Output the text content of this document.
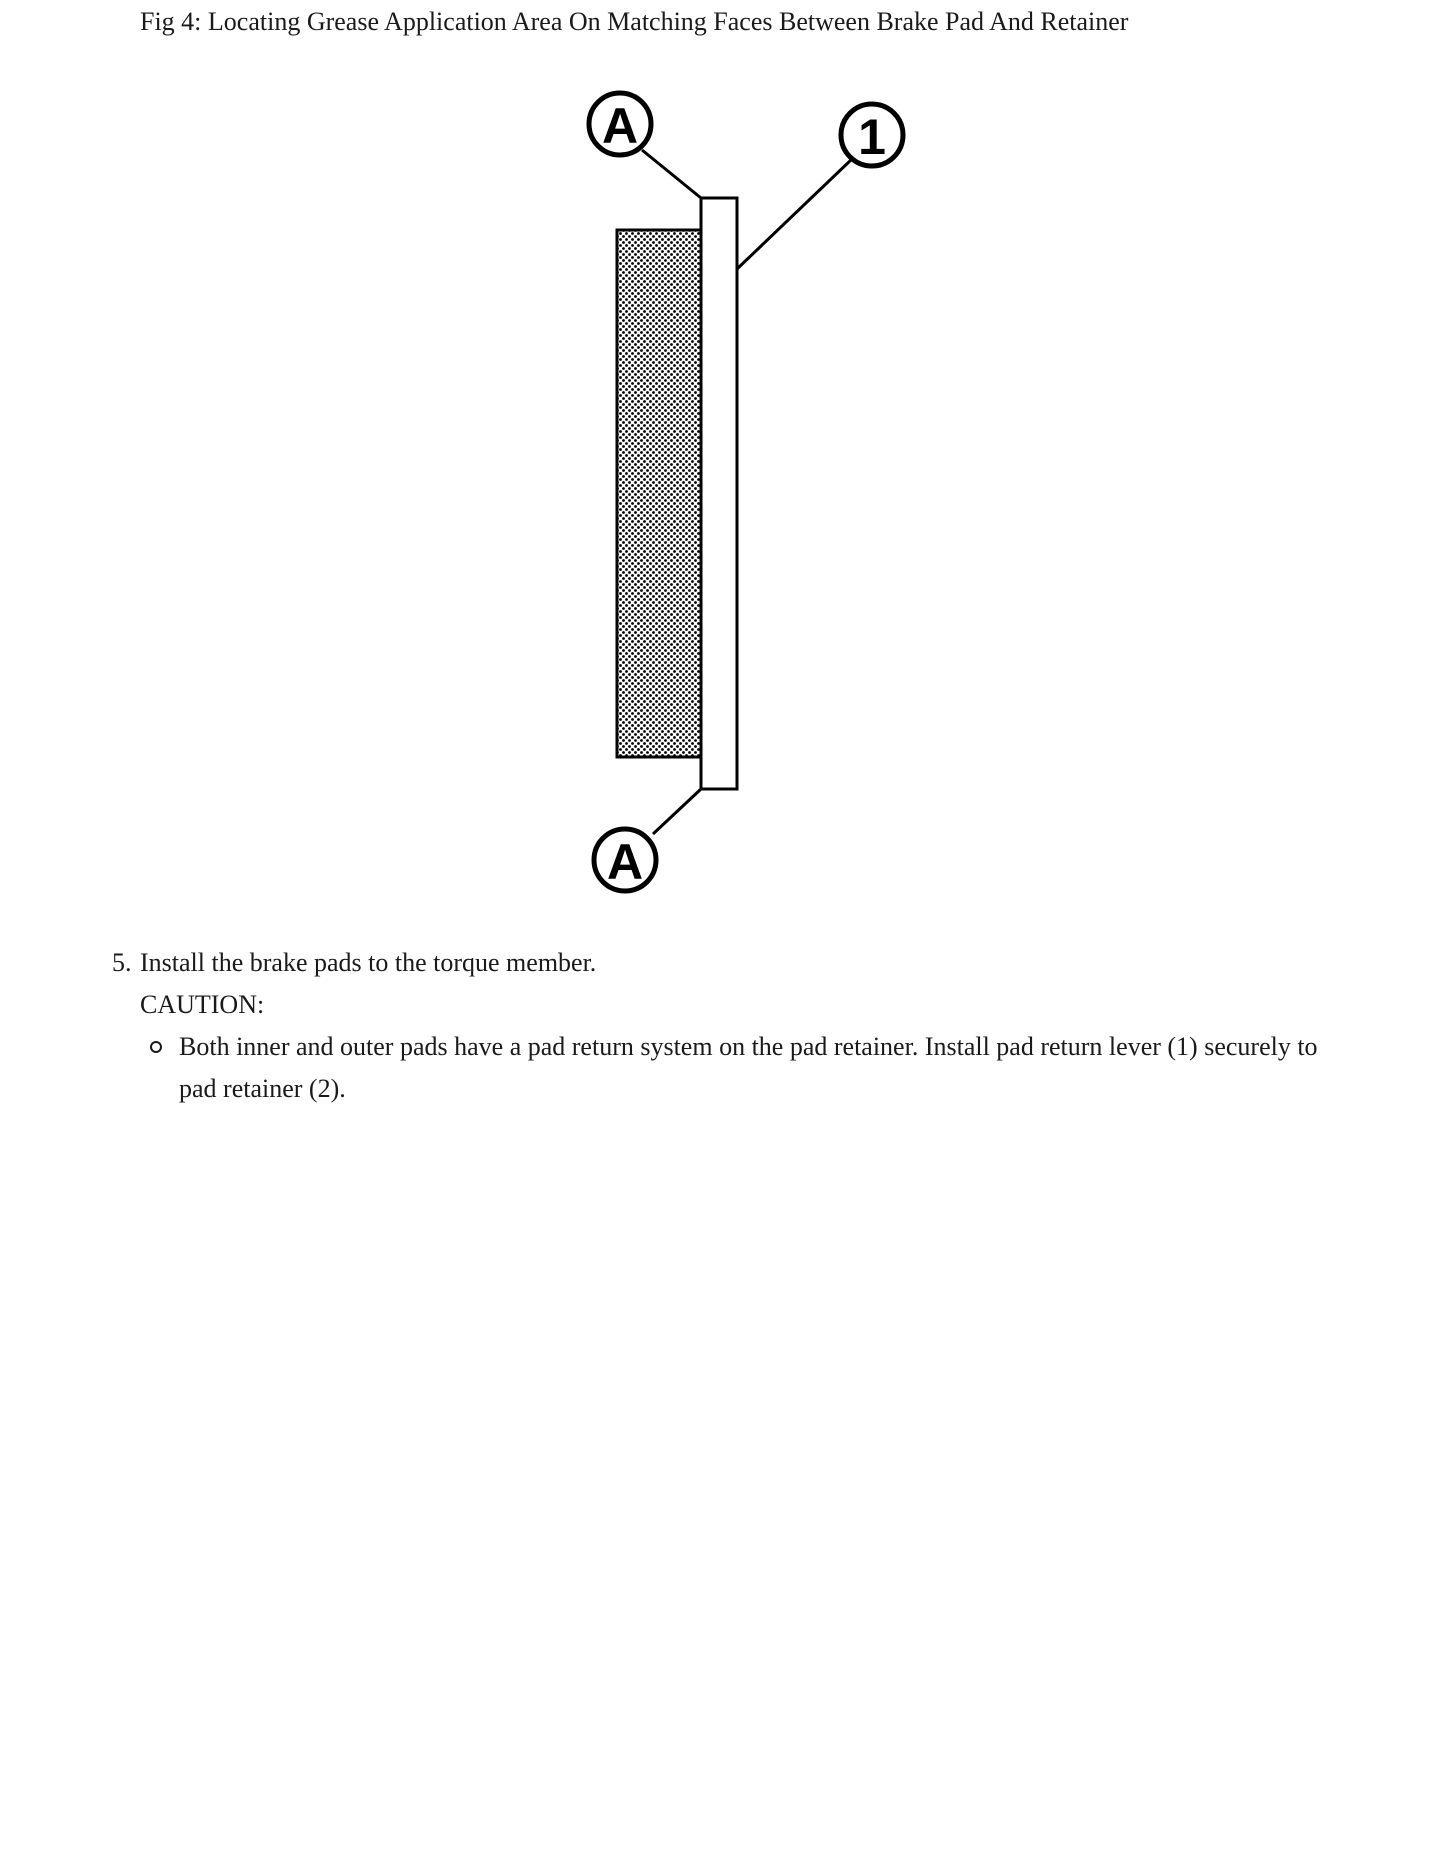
Fig 4: Locating Grease Application Area On Matching Faces Between Brake Pad And Retainer
A	1
A
5. Install the brake pads to the torque member.
CAUTION:
Both inner and outer pads have a pad return system on the pad retainer. Install pad return lever (1) securely to pad retainer (2).
